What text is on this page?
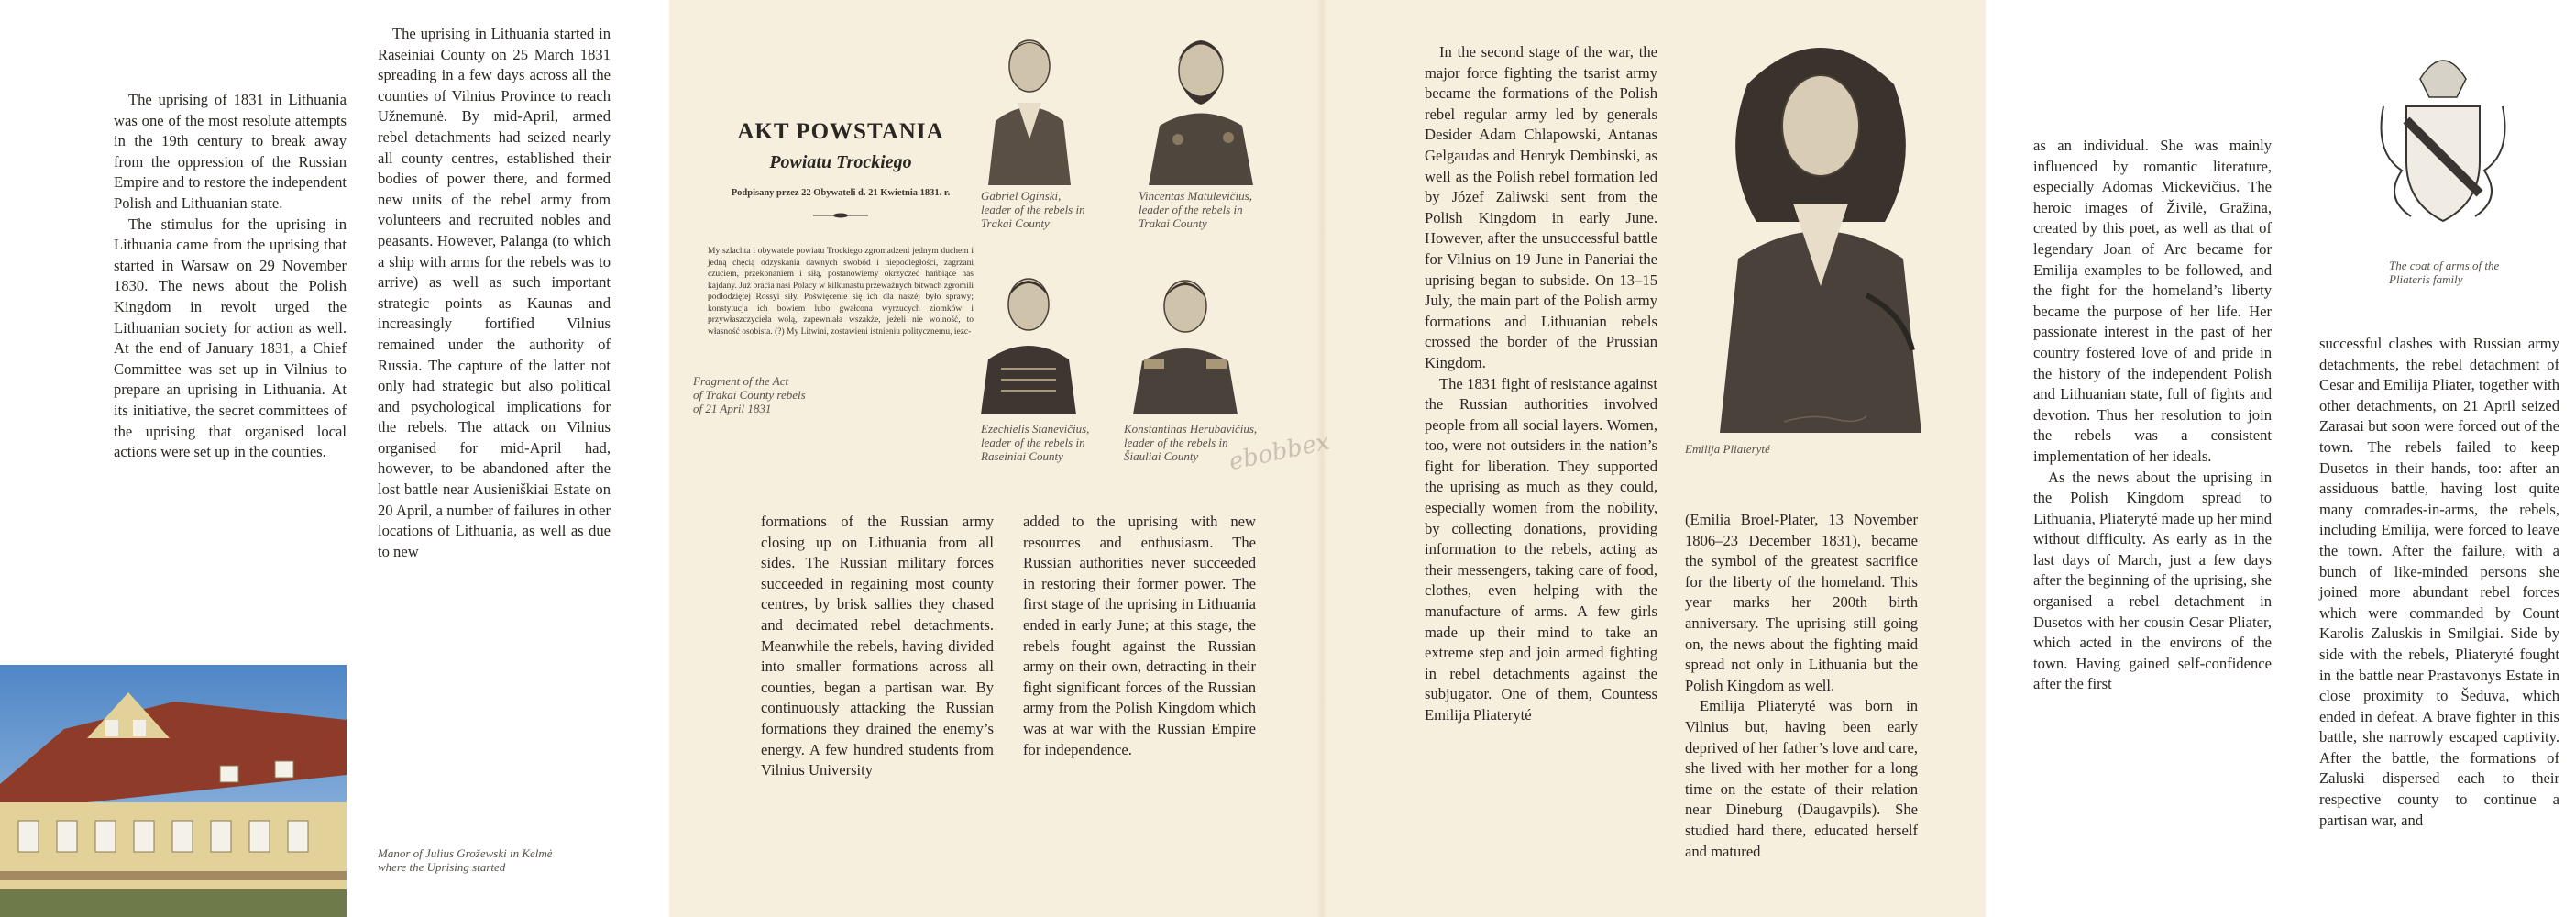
The uprising of 1831 in Lithuania was one of the most resolute attempts in the 19th century to break away from the oppression of the Russian Empire and to restore the independent Polish and Lithuanian state.

The stimulus for the uprising in Lithuania came from the uprising that started in Warsaw on 29 November 1830. The news about the Polish Kingdom in revolt urged the Lithuanian society for action as well. At the end of January 1831, a Chief Committee was set up in Vilnius to prepare an uprising in Lithuania. At its initiative, the secret committees of the uprising that organised local actions were set up in the counties.

The uprising in Lithuania started in Raseiniai County on 25 March 1831 spreading in a few days across all the counties of Vilnius Province to reach Užnemunė. By mid-April, armed rebel detachments had seized nearly all county centres, established their bodies of power there, and formed new units of the rebel army from volunteers and recruited nobles and peasants. However, Palanga (to which a ship with arms for the rebels was to arrive) as well as such important strategic points as Kaunas and increasingly fortified Vilnius remained under the authority of Russia. The capture of the latter not only had strategic but also political and psychological implications for the rebels. The attack on Vilnius organised for mid-April had, however, to be abandoned after the lost battle near Ausieniškiai Estate on 20 April, a number of failures in other locations of Lithuania, as well as due to new

Manor of Julius Grožewski in Kelmė
where the Uprising started
AKT POWSTANIA
Powiatu Trockiego
Podpisany przez 22 Obywateli d. 21 Kwietnia 1831. r.
My szlachta i obywatele powiatu Trockiego zgromadzeni jednym duchem i jedną chęcią odzyskania dawnych swobód i niepodległości, zagrzani czuciem, przekonaniem i siłą, postanowiemy okrzyczeć hańbiące nas kajdany. Już bracia nasi Polacy w kilkunastu przeważnych bitwach zgromili podłodziętej Rossyi siły. Poświęcenie się ich dla naszéj było sprawy; konstytucja ich bowiem lubo gwałcona wyrzucych ziomków i przywłaszczycieła wolą, zapewniała wszakże, jeżeli nie wolność, to własność osobista. (?) My Litwini, zostawieni istnieniu politycznemu, iezc-
Fragment of the Act
of Trakai County rebels
of 21 April 1831
Gabriel Oginski,
leader of the rebels in
Trakai County
Vincentas Matulevičius,
leader of the rebels in
Trakai County
Ezechielis Stanevičius,
leader of the rebels in
Raseiniai County
Konstantinas Herubavičius,
leader of the rebels in
Šiauliai County	ebobbex

formations of the Russian army closing up on Lithuania from all sides. The Russian military forces succeeded in regaining most county centres, by brisk sallies they chased and decimated rebel detachments. Meanwhile the rebels, having divided into smaller formations across all counties, began a partisan war. By continuously attacking the Russian formations they drained the enemy’s energy. A few hundred students from Vilnius University

added to the uprising with new resources and enthusiasm. The Russian authorities never succeeded in restoring their former power. The first stage of the uprising in Lithuania ended in early June; at this stage, the rebels fought against the Russian army on their own, detracting in their fight significant forces of the Russian army from the Polish Kingdom which was at war with the Russian Empire for independence.

In the second stage of the war, the major force fighting the tsarist army became the formations of the Polish rebel regular army led by generals Desider Adam Chlapowski, Antanas Gelgaudas and Henryk Dembinski, as well as the Polish rebel formation led by Józef Zaliwski sent from the Polish Kingdom in early June. However, after the unsuccessful battle for Vilnius on 19 June in Paneriai the uprising began to subside. On 13–15 July, the main part of the Polish army formations and Lithuanian rebels crossed the border of the Prussian Kingdom.

The 1831 fight of resistance against the Russian authorities involved people from all social layers. Women, too, were not outsiders in the nation’s fight for liberation. They supported the uprising as much as they could, especially women from the nobility, by collecting donations, providing information to the rebels, acting as their messengers, taking care of food, clothes, even helping with the manufacture of arms. A few girls made up their mind to take an extreme step and join armed fighting in rebel detachments against the subjugator. One of them, Countess Emilija Pliateryté

Emilija Pliateryté

(Emilia Broel-Plater, 13 November 1806–23 December 1831), became the symbol of the greatest sacrifice for the liberty of the homeland. This year marks her 200th birth anniversary. The uprising still going on, the news about the fighting maid spread not only in Lithuania but the Polish Kingdom as well.

Emilija Pliateryté was born in Vilnius but, having been early deprived of her father’s love and care, she lived with her mother for a long time on the estate of their relation near Dineburg (Daugavpils). She studied hard there, educated herself and matured

as an individual. She was mainly influenced by romantic literature, especially Adomas Mickevičius. The heroic images of Živilė, Gražina, created by this poet, as well as that of legendary Joan of Arc became for Emilija examples to be followed, and the fight for the homeland’s liberty became the purpose of her life. Her passionate interest in the past of her country fostered love of and pride in the history of the independent Polish and Lithuanian state, full of fights and devotion. Thus her resolution to join the rebels was a consistent implementation of her ideals.

As the news about the uprising in the Polish Kingdom spread to Lithuania, Pliateryté made up her mind without difficulty. As early as in the last days of March, just a few days after the beginning of the uprising, she organised a rebel detachment in Dusetos with her cousin Cesar Pliater, which acted in the environs of the town. Having gained self-confidence after the first

The coat of arms of the
Pliateris family

successful clashes with Russian army detachments, the rebel detachment of Cesar and Emilija Pliater, together with other detachments, on 21 April seized Zarasai but soon were forced out of the town. The rebels failed to keep Dusetos in their hands, too: after an assiduous battle, having lost quite many comrades-in-arms, the rebels, including Emilija, were forced to leave the town. After the failure, with a bunch of like-minded persons she joined more abundant rebel forces which were commanded by Count Karolis Zaluskis in Smilgiai. Side by side with the rebels, Pliateryté fought in the battle near Prastavonys Estate in close proximity to Šeduva, which ended in defeat. A brave fighter in this battle, she narrowly escaped captivity. After the battle, the formations of Zaluski dispersed each to their respective county to continue a partisan war, and
